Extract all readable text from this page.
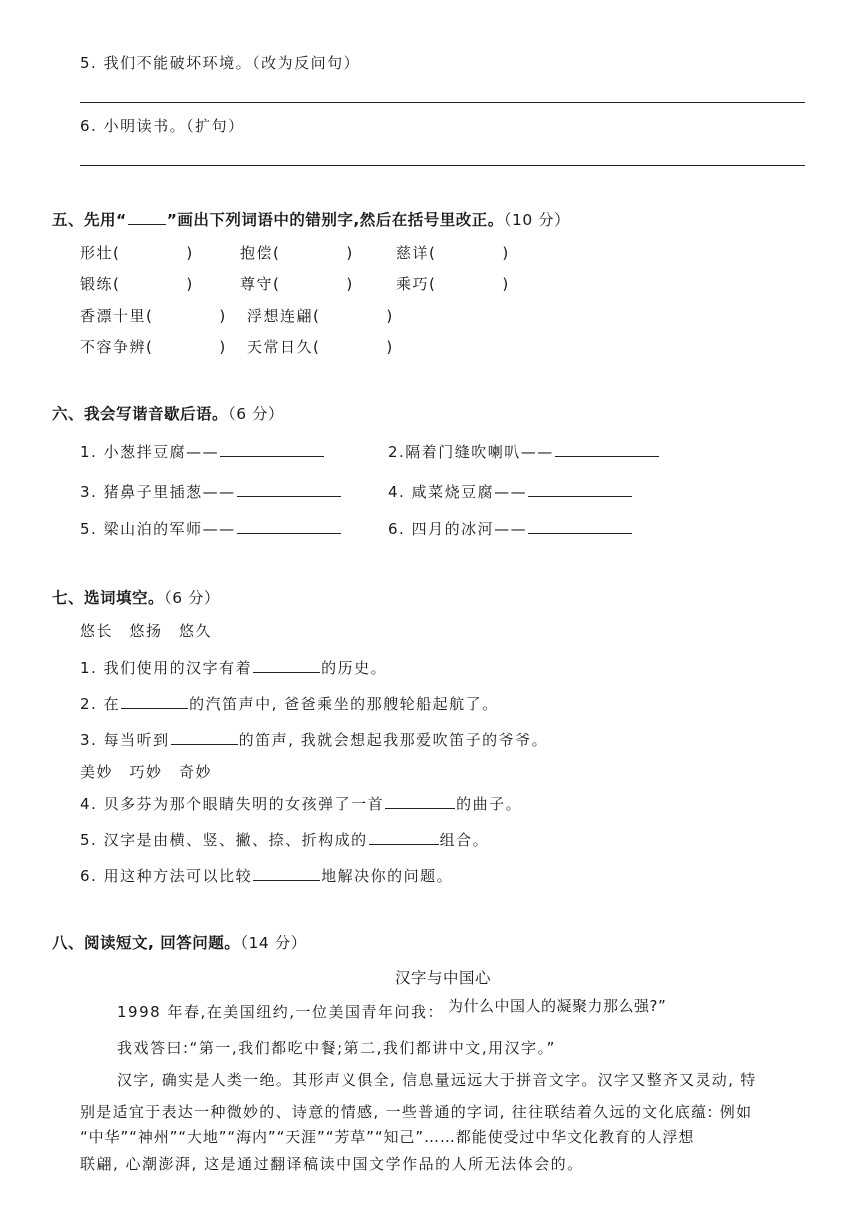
5. 我们不能破坏环境。（改为反问句）
6. 小明读书。（扩句）
五、先用“	”画出下列词语中的错别字,然后在括号里改正。（10 分）
形壮(　　　　)	抱偿(　　　　)	慈详(　　　　)
锻练(　　　　)	尊守(　　　　)	乘巧(　　　　)
香漂十里(　　　　) 浮想连翩(　　　　)
不容争辨(　　　　) 天常日久(　　　　)
六、我会写谐音歇后语。（6 分）
1. 小葱拌豆腐——	2.隔着门缝吹喇叭——
3. 猪鼻子里插葱——	4. 咸菜烧豆腐——
5. 梁山泊的军师——	6. 四月的冰河——
七、选词填空。（6 分）
悠长　悠扬　悠久
1. 我们使用的汉字有着	的历史。
2. 在	的汽笛声中, 爸爸乘坐的那艘轮船起航了。
3. 每当听到	的笛声, 我就会想起我那爱吹笛子的爷爷。
美妙　巧妙　奇妙
4. 贝多芬为那个眼睛失明的女孩弹了一首	的曲子。
5. 汉字是由横、竖、撇、捺、折构成的	组合。
6. 用这种方法可以比较	地解决你的问题。
八、阅读短文, 回答问题。（14 分）
汉字与中国心
1998 年春,在美国纽约,一位美国青年问我： 为什么中国人的凝聚力那么强?”
我戏答曰:“第一,我们都吃中餐;第二,我们都讲中文,用汉字。”
汉字, 确实是人类一绝。其形声义俱全, 信息量远远大于拼音文字。汉字又整齐又灵动, 特
别是适宜于表达一种微妙的、诗意的情感, 一些普通的字词, 往往联结着久远的文化底蕴: 例如
“中华”“神州”“大地”“海内”“天涯”“芳草”“知己”……都能使受过中华文化教育的人浮想
联翩, 心潮澎湃, 这是通过翻译稿读中国文学作品的人所无法体会的。
